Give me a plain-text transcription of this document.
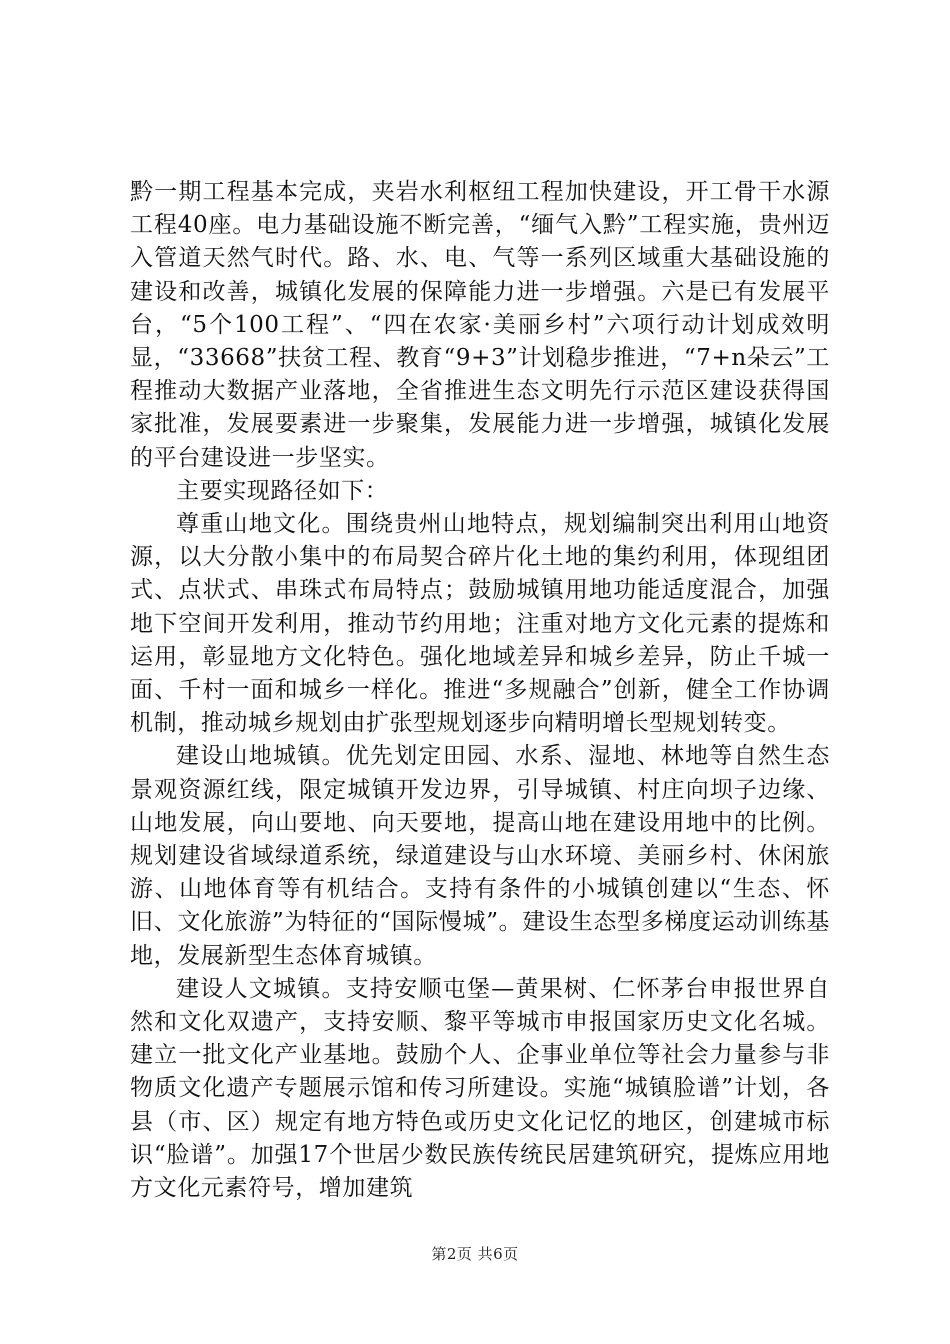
黔一期工程基本完成，夹岩水利枢纽工程加快建设，开工骨干水源工程40座。电力基础设施不断完善，“缅气入黔”工程实施，贵州迈入管道天然气时代。路、水、电、气等一系列区域重大基础设施的建设和改善，城镇化发展的保障能力进一步增强。六是已有发展平台，“5个100工程”、“四在农家·美丽乡村”六项行动计划成效明显，“33668”扶贫工程、教育“9+3”计划稳步推进，“7+n朵云”工程推动大数据产业落地，全省推进生态文明先行示范区建设获得国家批准，发展要素进一步聚集，发展能力进一步增强，城镇化发展的平台建设进一步坚实。

主要实现路径如下：

尊重山地文化。围绕贵州山地特点，规划编制突出利用山地资源，以大分散小集中的布局契合碎片化土地的集约利用，体现组团式、点状式、串珠式布局特点；鼓励城镇用地功能适度混合，加强地下空间开发利用，推动节约用地；注重对地方文化元素的提炼和运用，彰显地方文化特色。强化地域差异和城乡差异，防止千城一面、千村一面和城乡一样化。推进“多规融合”创新，健全工作协调机制，推动城乡规划由扩张型规划逐步向精明增长型规划转变。

建设山地城镇。优先划定田园、水系、湿地、林地等自然生态景观资源红线，限定城镇开发边界，引导城镇、村庄向坝子边缘、山地发展，向山要地、向天要地，提高山地在建设用地中的比例。规划建设省域绿道系统，绿道建设与山水环境、美丽乡村、休闲旅游、山地体育等有机结合。支持有条件的小城镇创建以“生态、怀旧、文化旅游”为特征的“国际慢城”。建设生态型多梯度运动训练基地，发展新型生态体育城镇。

建设人文城镇。支持安顺屯堡—黄果树、仁怀茅台申报世界自然和文化双遗产，支持安顺、黎平等城市申报国家历史文化名城。建立一批文化产业基地。鼓励个人、企事业单位等社会力量参与非物质文化遗产专题展示馆和传习所建设。实施“城镇脸谱”计划，各县（市、区）规定有地方特色或历史文化记忆的地区，创建城市标识“脸谱”。加强17个世居少数民族传统民居建筑研究，提炼应用地方文化元素符号，增加建筑

第2页 共6页
